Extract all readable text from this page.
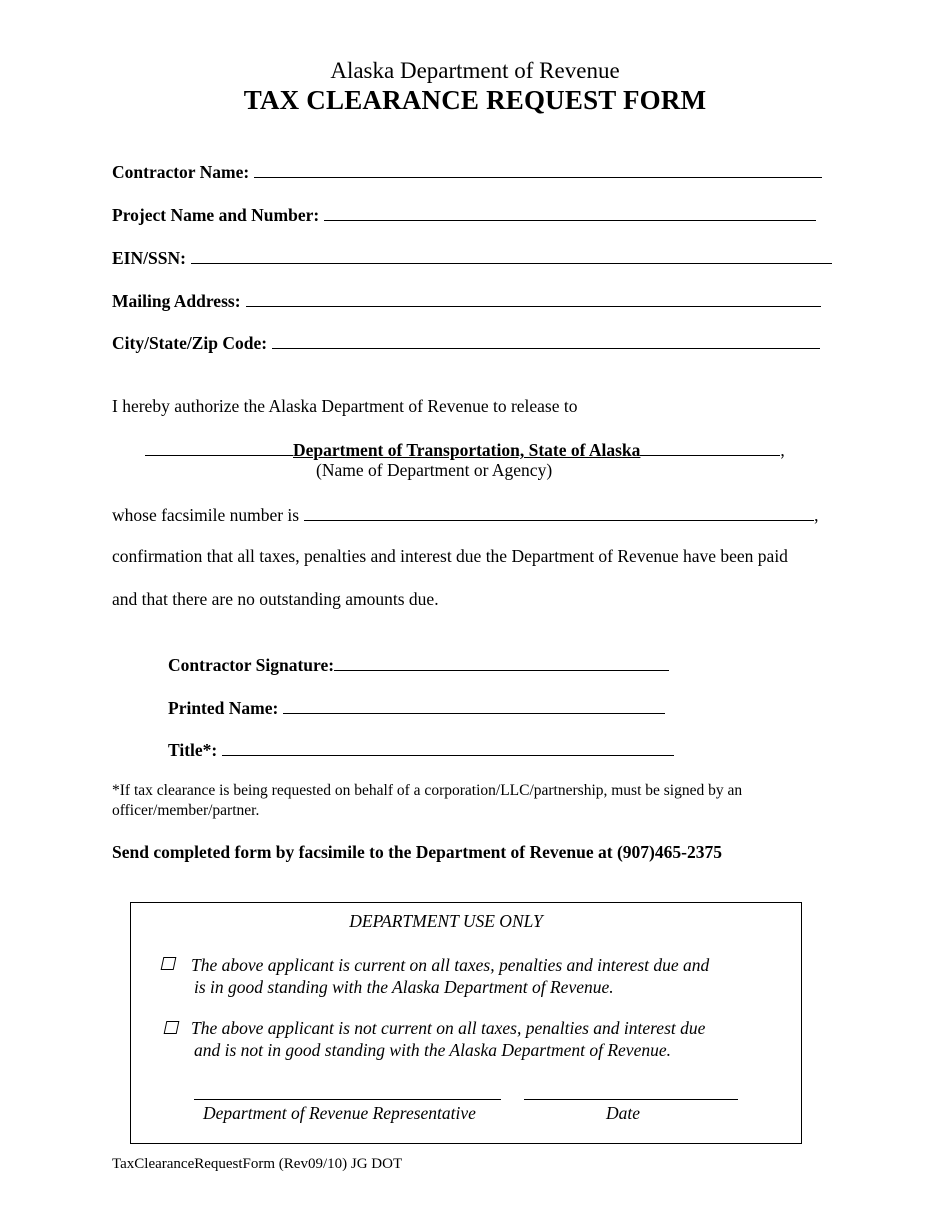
Alaska Department of Revenue
TAX CLEARANCE REQUEST FORM
Contractor Name:
Project Name and Number:
EIN/SSN:
Mailing Address:
City/State/Zip Code:
I hereby authorize the Alaska Department of Revenue to release to
Department of Transportation, State of Alaska	,
(Name of Department or Agency)
whose facsimile number is	,
confirmation that all taxes, penalties and interest due the Department of Revenue have been paid
and that there are no outstanding amounts due.
Contractor Signature:
Printed Name:
Title*:
*If tax clearance is being requested on behalf of a corporation/LLC/partnership, must be signed by an officer/member/partner.
Send completed form by facsimile to the Department of Revenue at (907)465-2375
DEPARTMENT USE ONLY
The above applicant is current on all taxes, penalties and interest due and
is in good standing with the Alaska Department of Revenue.
The above applicant is not current on all taxes, penalties and interest due
and is not in good standing with the Alaska Department of Revenue.
Department of Revenue Representative	Date
TaxClearanceRequestForm (Rev09/10) JG DOT
